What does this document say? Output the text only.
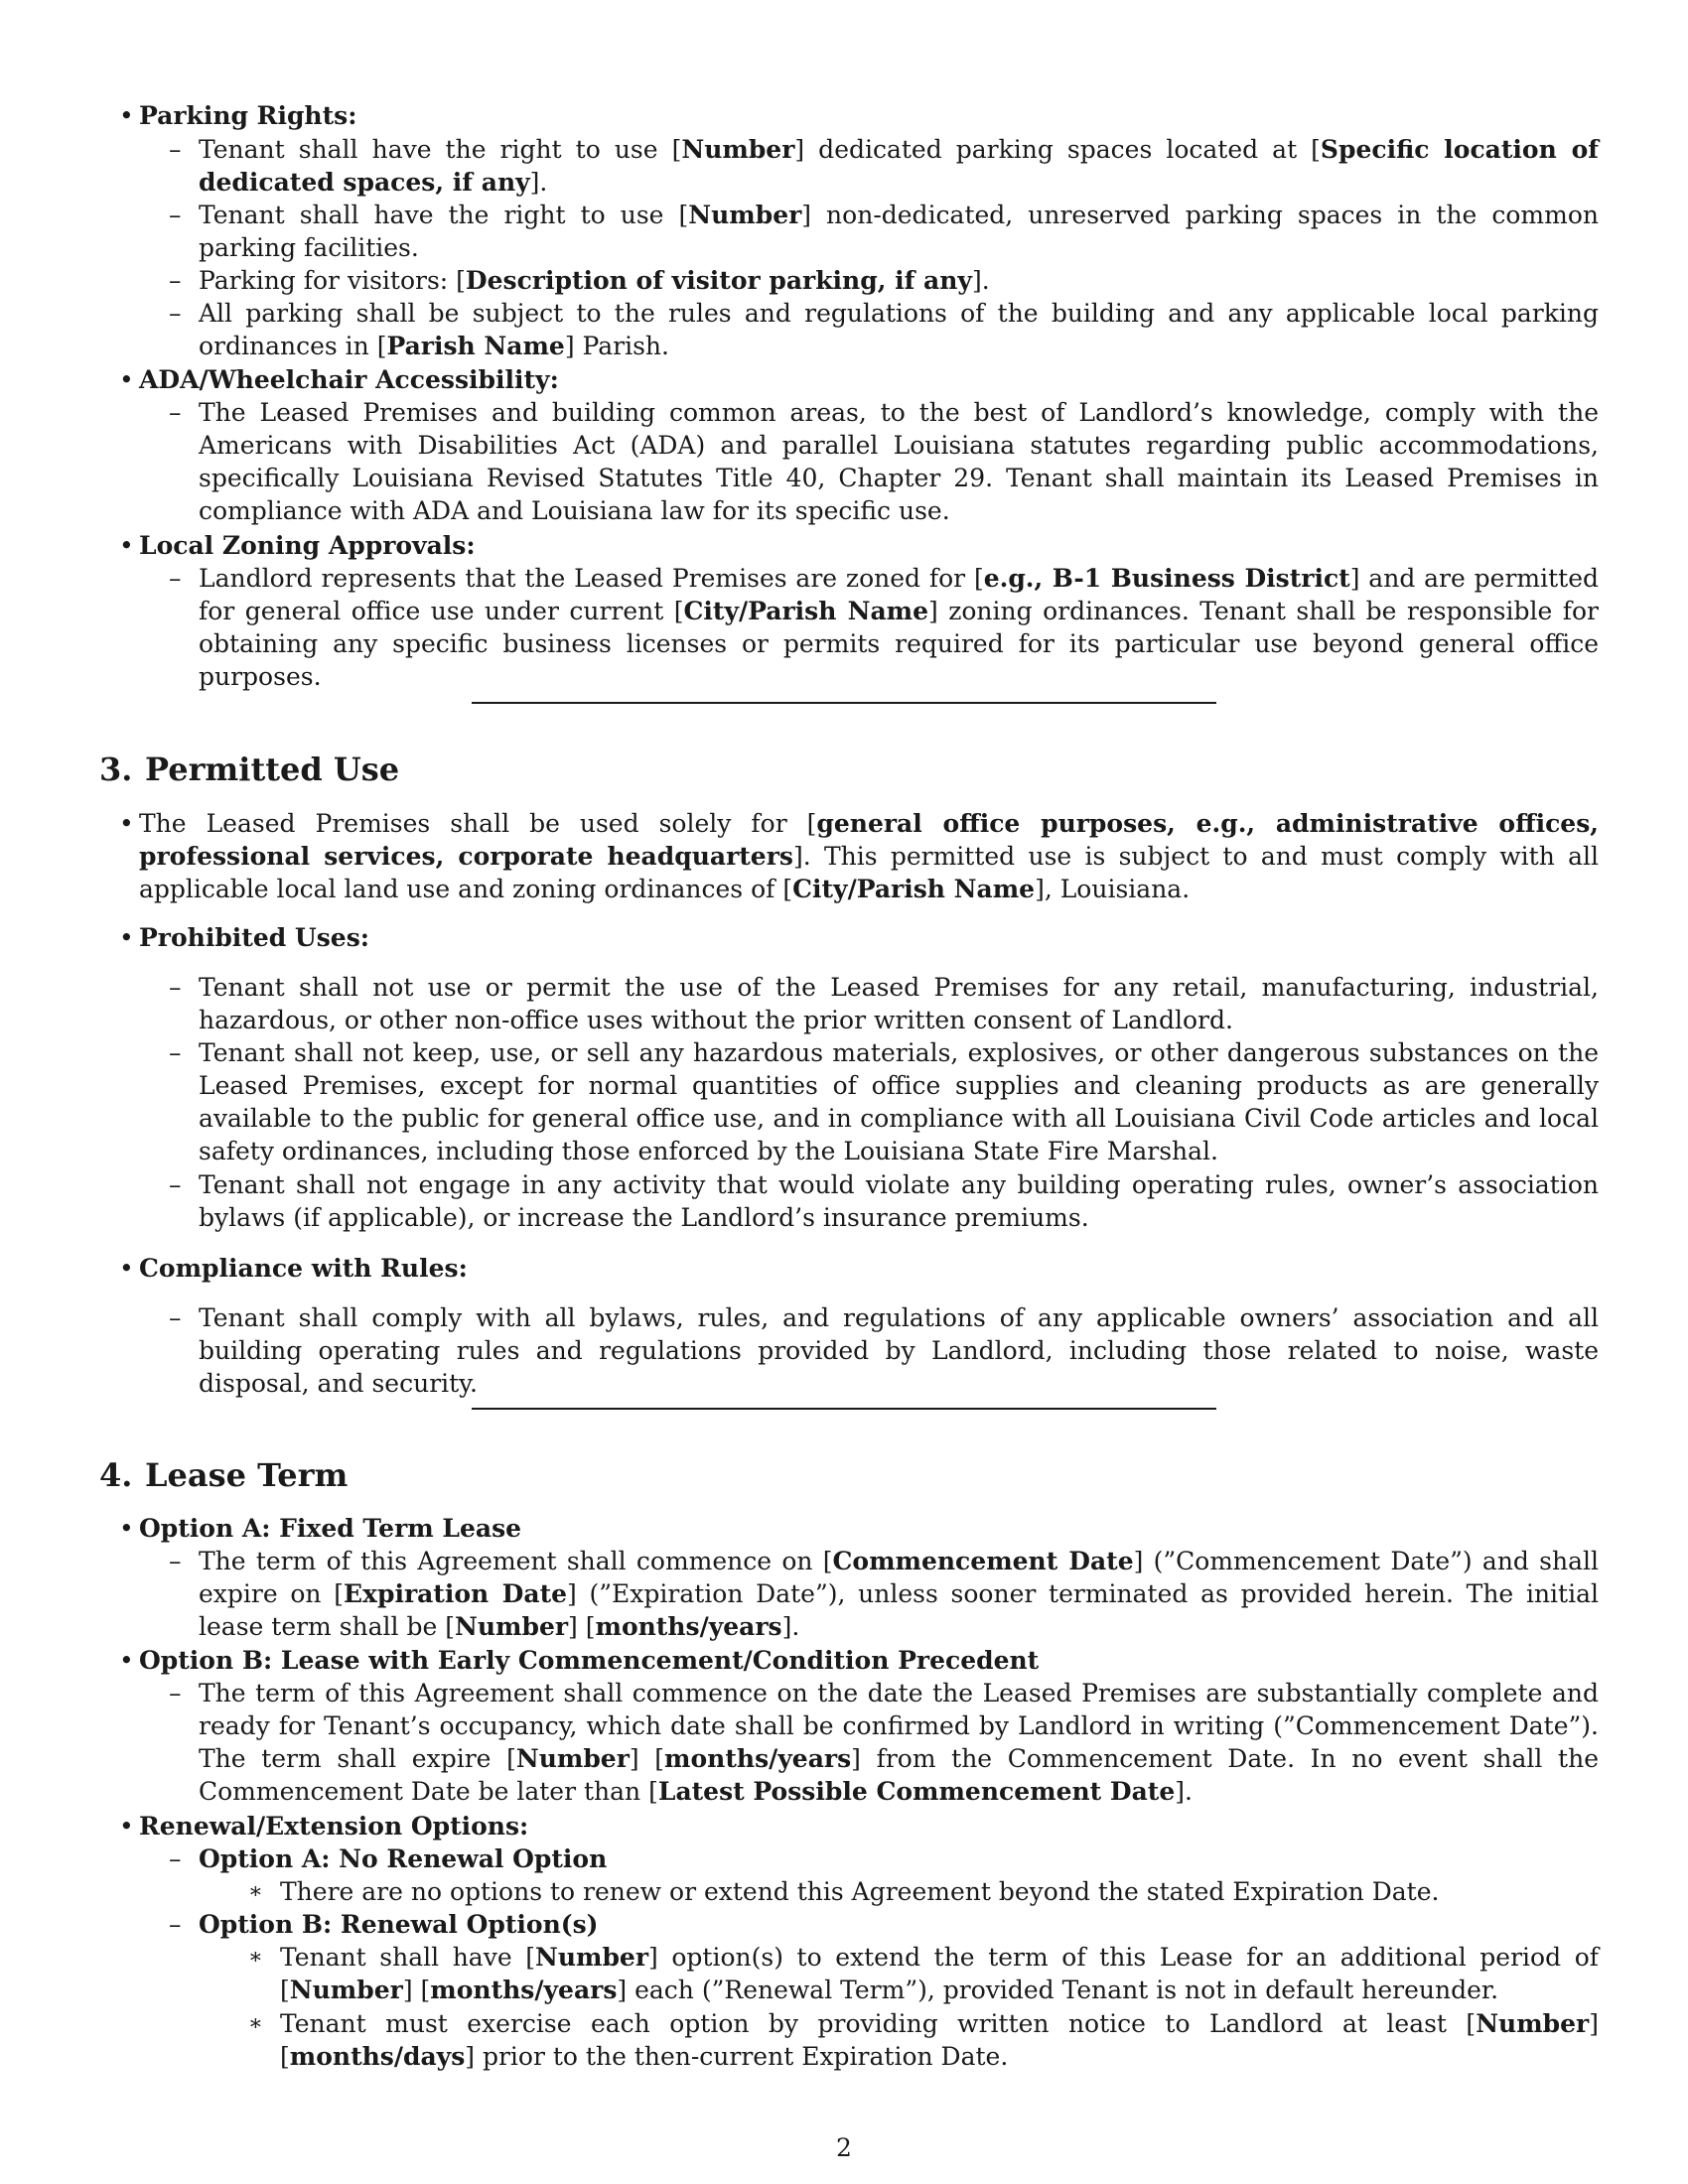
• Parking Rights:
– Tenant shall have the right to use [Number] dedicated parking spaces located at [Specific location of dedicated spaces, if any].
– Tenant shall have the right to use [Number] non-dedicated, unreserved parking spaces in the common parking facilities.
– Parking for visitors: [Description of visitor parking, if any].
– All parking shall be subject to the rules and regulations of the building and any applicable local parking ordinances in [Parish Name] Parish.
• ADA/Wheelchair Accessibility:
– The Leased Premises and building common areas, to the best of Landlord’s knowledge, comply with the Americans with Disabilities Act (ADA) and parallel Louisiana statutes regarding public accommodations, specifically Louisiana Revised Statutes Title 40, Chapter 29. Tenant shall maintain its Leased Premises in compliance with ADA and Louisiana law for its specific use.
• Local Zoning Approvals:
– Landlord represents that the Leased Premises are zoned for [e.g., B-1 Business District] and are permitted for general office use under current [City/Parish Name] zoning ordinances. Tenant shall be responsible for obtaining any specific business licenses or permits required for its particular use beyond general office purposes.
3. Permitted Use
• The Leased Premises shall be used solely for [general office purposes, e.g., administrative offices, professional services, corporate headquarters]. This permitted use is subject to and must comply with all applicable local land use and zoning ordinances of [City/Parish Name], Louisiana.
• Prohibited Uses:
– Tenant shall not use or permit the use of the Leased Premises for any retail, manufacturing, industrial, hazardous, or other non-office uses without the prior written consent of Landlord.
– Tenant shall not keep, use, or sell any hazardous materials, explosives, or other dangerous substances on the Leased Premises, except for normal quantities of office supplies and cleaning products as are generally available to the public for general office use, and in compliance with all Louisiana Civil Code articles and local safety ordinances, including those enforced by the Louisiana State Fire Marshal.
– Tenant shall not engage in any activity that would violate any building operating rules, owner’s association bylaws (if applicable), or increase the Landlord’s insurance premiums.
• Compliance with Rules:
– Tenant shall comply with all bylaws, rules, and regulations of any applicable owners’ association and all building operating rules and regulations provided by Landlord, including those related to noise, waste disposal, and security.
4. Lease Term
• Option A: Fixed Term Lease
– The term of this Agreement shall commence on [Commencement Date] (”Commencement Date”) and shall expire on [Expiration Date] (”Expiration Date”), unless sooner terminated as provided herein. The initial lease term shall be [Number] [months/years].
• Option B: Lease with Early Commencement/Condition Precedent
– The term of this Agreement shall commence on the date the Leased Premises are substantially complete and ready for Tenant’s occupancy, which date shall be confirmed by Landlord in writing (”Commencement Date”). The term shall expire [Number] [months/years] from the Commencement Date. In no event shall the Commencement Date be later than [Latest Possible Commencement Date].
• Renewal/Extension Options:
– Option A: No Renewal Option
∗ There are no options to renew or extend this Agreement beyond the stated Expiration Date.
– Option B: Renewal Option(s)
∗ Tenant shall have [Number] option(s) to extend the term of this Lease for an additional period of [Number] [months/years] each (”Renewal Term”), provided Tenant is not in default hereunder.
∗ Tenant must exercise each option by providing written notice to Landlord at least [Number] [months/days] prior to the then-current Expiration Date.
2
